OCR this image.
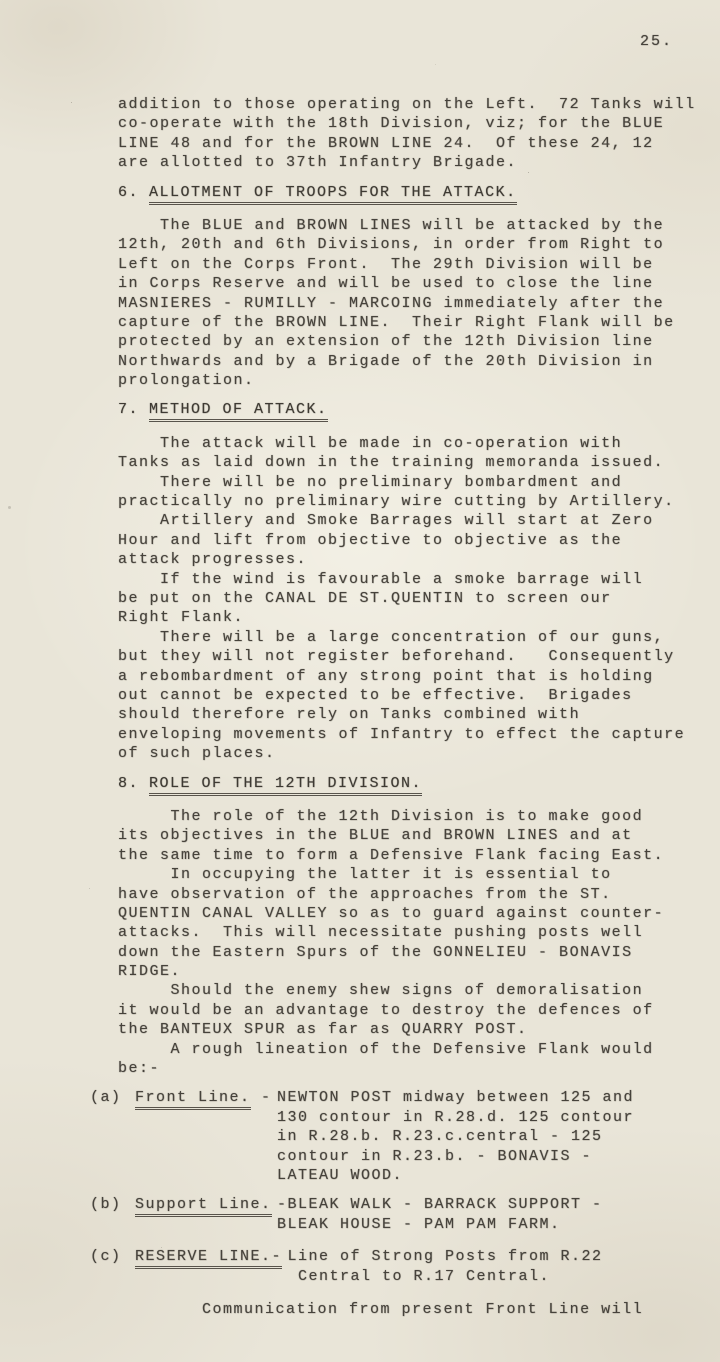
25.
addition to those operating on the Left.  72 Tanks will
co-operate with the 18th Division, viz; for the BLUE
LINE 48 and for the BROWN LINE 24.  Of these 24, 12
are allotted to 37th Infantry Brigade.
6. ALLOTMENT OF TROOPS FOR THE ATTACK.
The BLUE and BROWN LINES will be attacked by the
12th, 20th and 6th Divisions, in order from Right to
Left on the Corps Front.  The 29th Division will be
in Corps Reserve and will be used to close the line
MASNIERES - RUMILLY - MARCOING immediately after the
capture of the BROWN LINE.  Their Right Flank will be
protected by an extension of the 12th Division line
Northwards and by a Brigade of the 20th Division in
prolongation.
7. METHOD OF ATTACK.
The attack will be made in co-operation with
Tanks as laid down in the training memoranda issued.
There will be no preliminary bombardment and
practically no preliminary wire cutting by Artillery.
Artillery and Smoke Barrages will start at Zero
Hour and lift from objective to objective as the
attack progresses.
If the wind is favourable a smoke barrage will
be put on the CANAL DE ST.QUENTIN to screen our
Right Flank.
There will be a large concentration of our guns,
but they will not register beforehand.   Consequently
a rebombardment of any strong point that is holding
out cannot be expected to be effective.  Brigades
should therefore rely on Tanks combined with
enveloping movements of Infantry to effect the capture
of such places.
8. ROLE OF THE 12TH DIVISION.
The role of the 12th Division is to make good
its objectives in the BLUE and BROWN LINES and at
the same time to form a Defensive Flank facing East.
In occupying the latter it is essential to
have observation of the approaches from the ST.
QUENTIN CANAL VALLEY so as to guard against counter-
attacks.  This will necessitate pushing posts well
down the Eastern Spurs of the GONNELIEU - BONAVIS
RIDGE.
Should the enemy shew signs of demoralisation
it would be an advantage to destroy the defences of
the BANTEUX SPUR as far as QUARRY POST.
A rough lineation of the Defensive Flank would
be:-
(a) Front Line. - NEWTON POST midway between 125 and
130 contour in R.28.d. 125 contour
in R.28.b. R.23.c.central - 125
contour in R.23.b. - BONAVIS -
LATEAU WOOD.
(b) Support Line. -BLEAK WALK - BARRACK SUPPORT -
BLEAK HOUSE - PAM PAM FARM.
(c) RESERVE LINE.-
Line of Strong Posts from R.22
Central to R.17 Central.
Communication from present Front Line will
